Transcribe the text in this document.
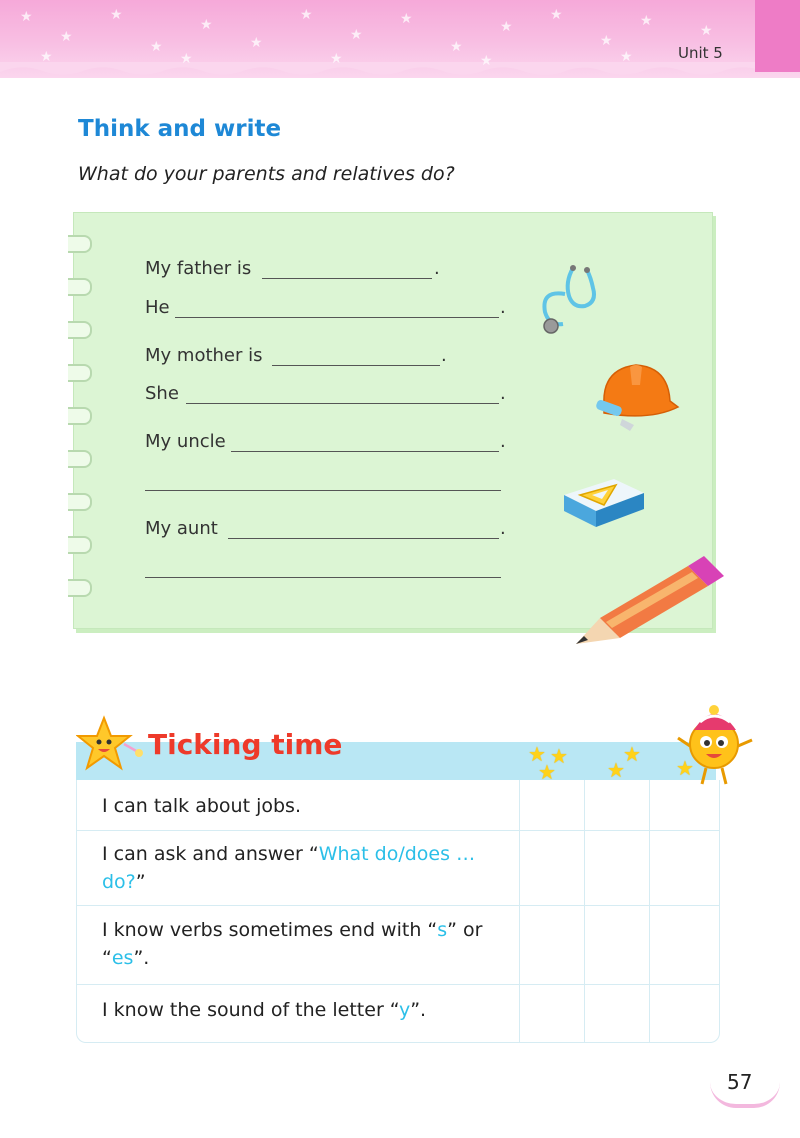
★
★
★
★
★
★
★
★
★
★
★
★
★
★
★
★	★	★	★	★	Unit 5
Think and write
What do your parents and relatives do?
My father is	.
He	.
My mother is	.
She	.
My uncle	.
My aunt	.
Ticking time
I can talk about jobs.
I can ask and answer “What do/does … do?”
I know verbs sometimes end with “s” or “es”.
I know the sound of the letter “y”.
★ ★
★
★
★	★
57
